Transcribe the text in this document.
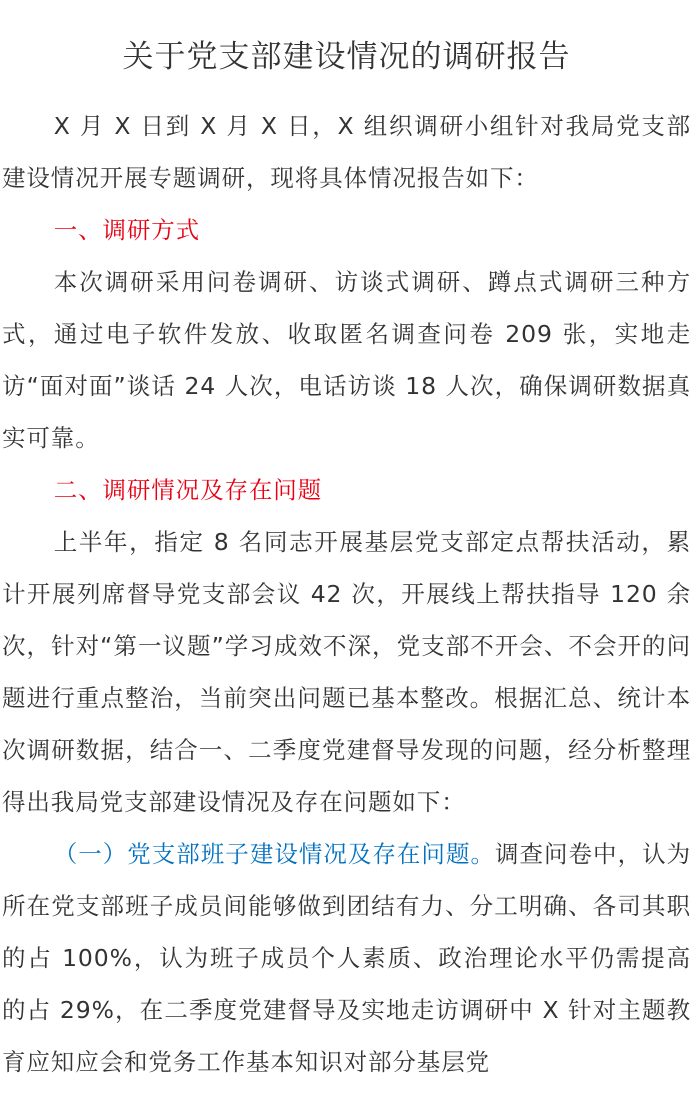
关于党支部建设情况的调研报告

X 月 X 日到 X 月 X 日，X 组织调研小组针对我局党支部建设情况开展专题调研，现将具体情况报告如下：

一、调研方式

本次调研采用问卷调研、访谈式调研、蹲点式调研三种方式，通过电子软件发放、收取匿名调查问卷 209 张，实地走访“面对面”谈话 24 人次，电话访谈 18 人次，确保调研数据真实可靠。

二、调研情况及存在问题

上半年，指定 8 名同志开展基层党支部定点帮扶活动，累计开展列席督导党支部会议 42 次，开展线上帮扶指导 120 余次，针对“第一议题”学习成效不深，党支部不开会、不会开的问题进行重点整治，当前突出问题已基本整改。根据汇总、统计本次调研数据，结合一、二季度党建督导发现的问题，经分析整理得出我局党支部建设情况及存在问题如下：

（一）党支部班子建设情况及存在问题。调查问卷中，认为所在党支部班子成员间能够做到团结有力、分工明确、各司其职的占 100%，认为班子成员个人素质、政治理论水平仍需提高的占 29%，在二季度党建督导及实地走访调研中 X 针对主题教育应知应会和党务工作基本知识对部分基层党
